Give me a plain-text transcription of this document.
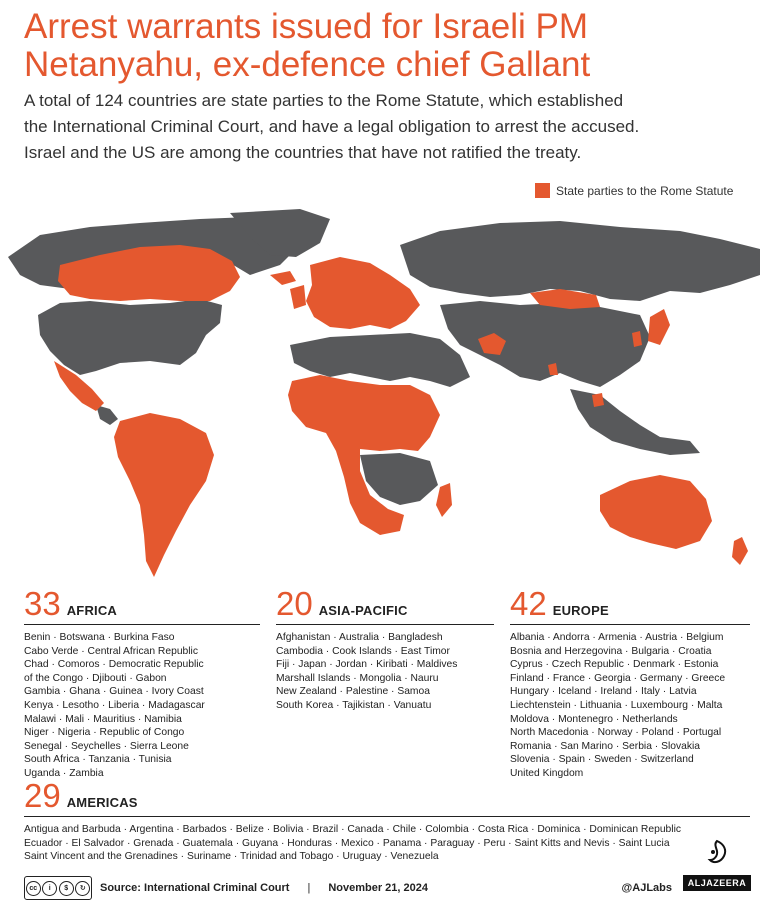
Arrest warrants issued for Israeli PM
Netanyahu, ex-defence chief Gallant
A total of 124 countries are state parties to the Rome Statute, which established
the International Criminal Court, and have a legal obligation to arrest the accused.
Israel and the US are among the countries that have not ratified the treaty.
State parties to the Rome Statute
33 AFRICA
Benin · Botswana · Burkina Faso
Cabo Verde · Central African Republic
Chad · Comoros · Democratic Republic
of the Congo · Djibouti · Gabon
Gambia · Ghana · Guinea · Ivory Coast
Kenya · Lesotho · Liberia · Madagascar
Malawi · Mali · Mauritius · Namibia
Niger · Nigeria · Republic of Congo
Senegal · Seychelles · Sierra Leone
South Africa · Tanzania · Tunisia
Uganda · Zambia
20 ASIA-PACIFIC
Afghanistan · Australia · Bangladesh
Cambodia · Cook Islands · East Timor
Fiji · Japan · Jordan · Kiribati · Maldives
Marshall Islands · Mongolia · Nauru
New Zealand · Palestine · Samoa
South Korea · Tajikistan · Vanuatu
42 EUROPE
Albania · Andorra · Armenia · Austria · Belgium
Bosnia and Herzegovina · Bulgaria · Croatia
Cyprus · Czech Republic · Denmark · Estonia
Finland · France · Georgia · Germany · Greece
Hungary · Iceland · Ireland · Italy · Latvia
Liechtenstein · Lithuania · Luxembourg · Malta
Moldova · Montenegro · Netherlands
North Macedonia · Norway · Poland · Portugal
Romania · San Marino · Serbia · Slovakia
Slovenia · Spain · Sweden · Switzerland
United Kingdom
29 AMERICAS
Antigua and Barbuda · Argentina · Barbados · Belize · Bolivia · Brazil · Canada · Chile · Colombia · Costa Rica · Dominica · Dominican Republic
Ecuador · El Salvador · Grenada · Guatemala · Guyana · Honduras · Mexico · Panama · Paraguay · Peru · Saint Kitts and Nevis · Saint Lucia
Saint Vincent and the Grenadines · Suriname · Trinidad and Tobago · Uruguay · Venezuela
cc	i	$	↻	Source: International Criminal Court | November 21, 2024	@AJLabs	ALJAZEERA
